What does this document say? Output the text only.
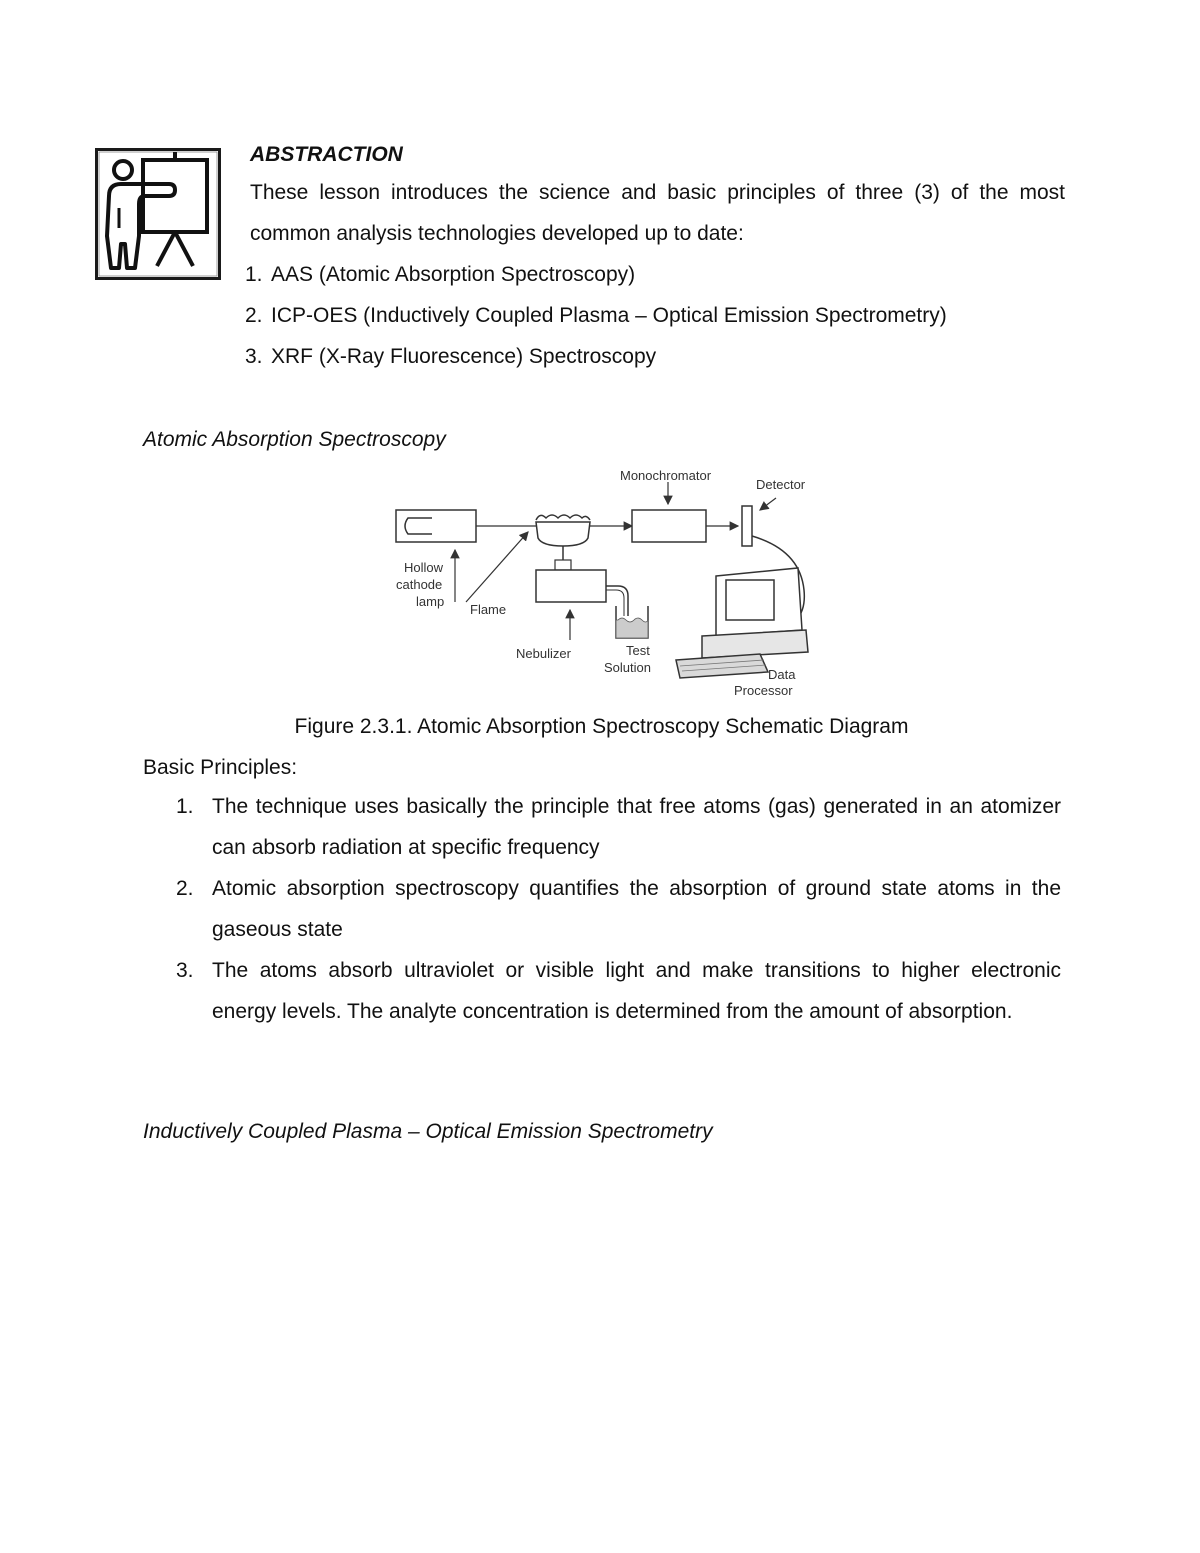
ABSTRACTION

These lesson introduces the science and basic principles of three (3) of the most common analysis technologies developed up to date:

1. AAS (Atomic Absorption Spectroscopy)
2. ICP-OES (Inductively Coupled Plasma – Optical Emission Spectrometry)
3. XRF (X-Ray Fluorescence) Spectroscopy

Atomic Absorption Spectroscopy

Monochromator
Detector
Hollow
cathode
lamp
Flame
Nebulizer	Test
Solution	Data
Processor

Figure 2.3.1. Atomic Absorption Spectroscopy Schematic Diagram

Basic Principles:

1. The technique uses basically the principle that free atoms (gas) generated in an atomizer can absorb radiation at specific frequency
2. Atomic absorption spectroscopy quantifies the absorption of ground state atoms in the gaseous state
3. The atoms absorb ultraviolet or visible light and make transitions to higher electronic energy levels. The analyte concentration is determined from the amount of absorption.

Inductively Coupled Plasma – Optical Emission Spectrometry
